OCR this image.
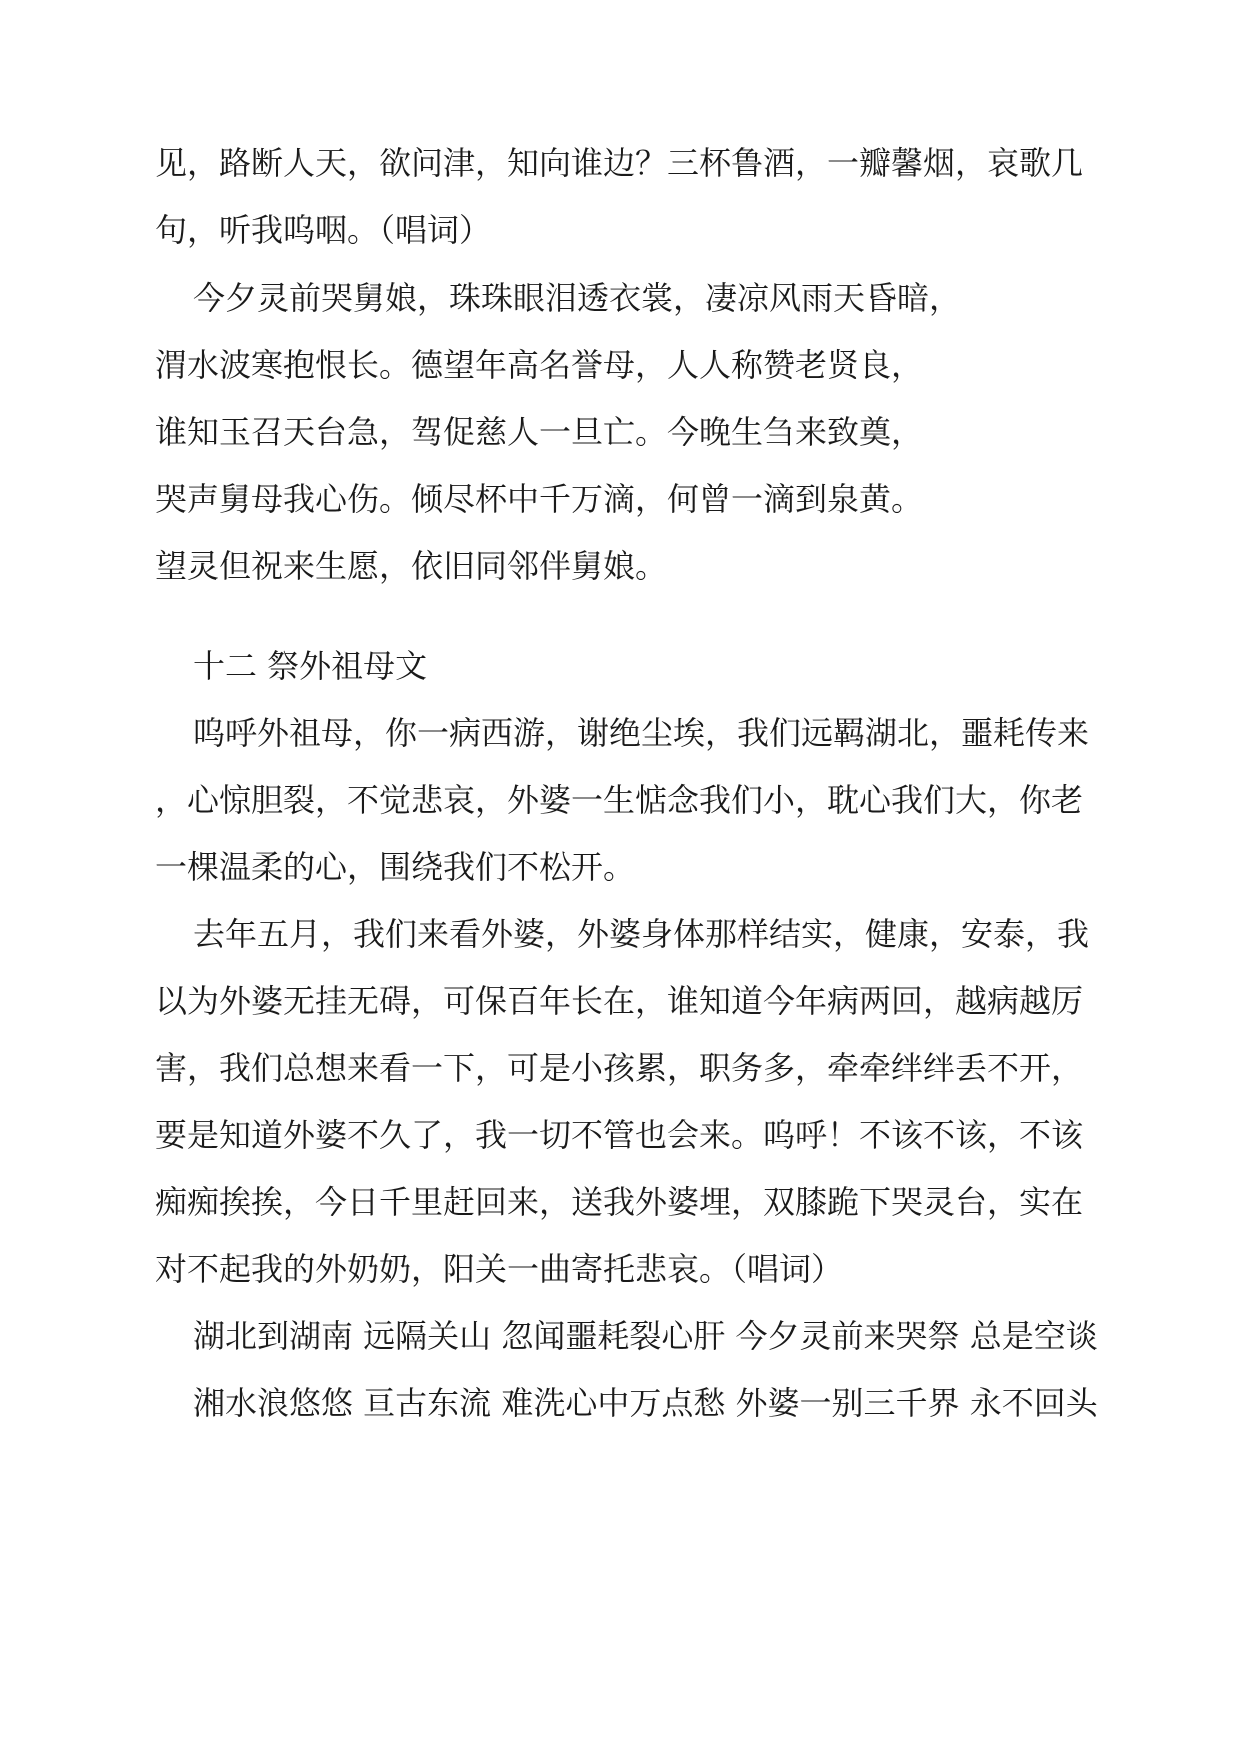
见，路断人天，欲问津，知向谁边？三杯鲁酒，一瓣馨烟，哀歌几
句，听我呜咽。（唱词）
今夕灵前哭舅娘，珠珠眼泪透衣裳，凄凉风雨天昏暗，
渭水波寒抱恨长。德望年高名誉母，人人称赞老贤良，
谁知玉召天台急，驾促慈人一旦亡。今晚生刍来致奠，
哭声舅母我心伤。倾尽杯中千万滴，何曾一滴到泉黄。
望灵但祝来生愿，依旧同邻伴舅娘。
十二 祭外祖母文
呜呼外祖母，你一病西游，谢绝尘埃，我们远羁湖北，噩耗传来
，心惊胆裂，不觉悲哀，外婆一生惦念我们小，耽心我们大，你老
一棵温柔的心，围绕我们不松开。
去年五月，我们来看外婆，外婆身体那样结实，健康，安泰，我
以为外婆无挂无碍，可保百年长在，谁知道今年病两回，越病越厉
害，我们总想来看一下，可是小孩累，职务多，牵牵绊绊丢不开，
要是知道外婆不久了，我一切不管也会来。呜呼！不该不该，不该
痴痴挨挨，今日千里赶回来，送我外婆埋，双膝跪下哭灵台，实在
对不起我的外奶奶，阳关一曲寄托悲哀。（唱词）
湖北到湖南 远隔关山 忽闻噩耗裂心肝 今夕灵前来哭祭 总是空谈
湘水浪悠悠 亘古东流 难洗心中万点愁 外婆一别三千界 永不回头
